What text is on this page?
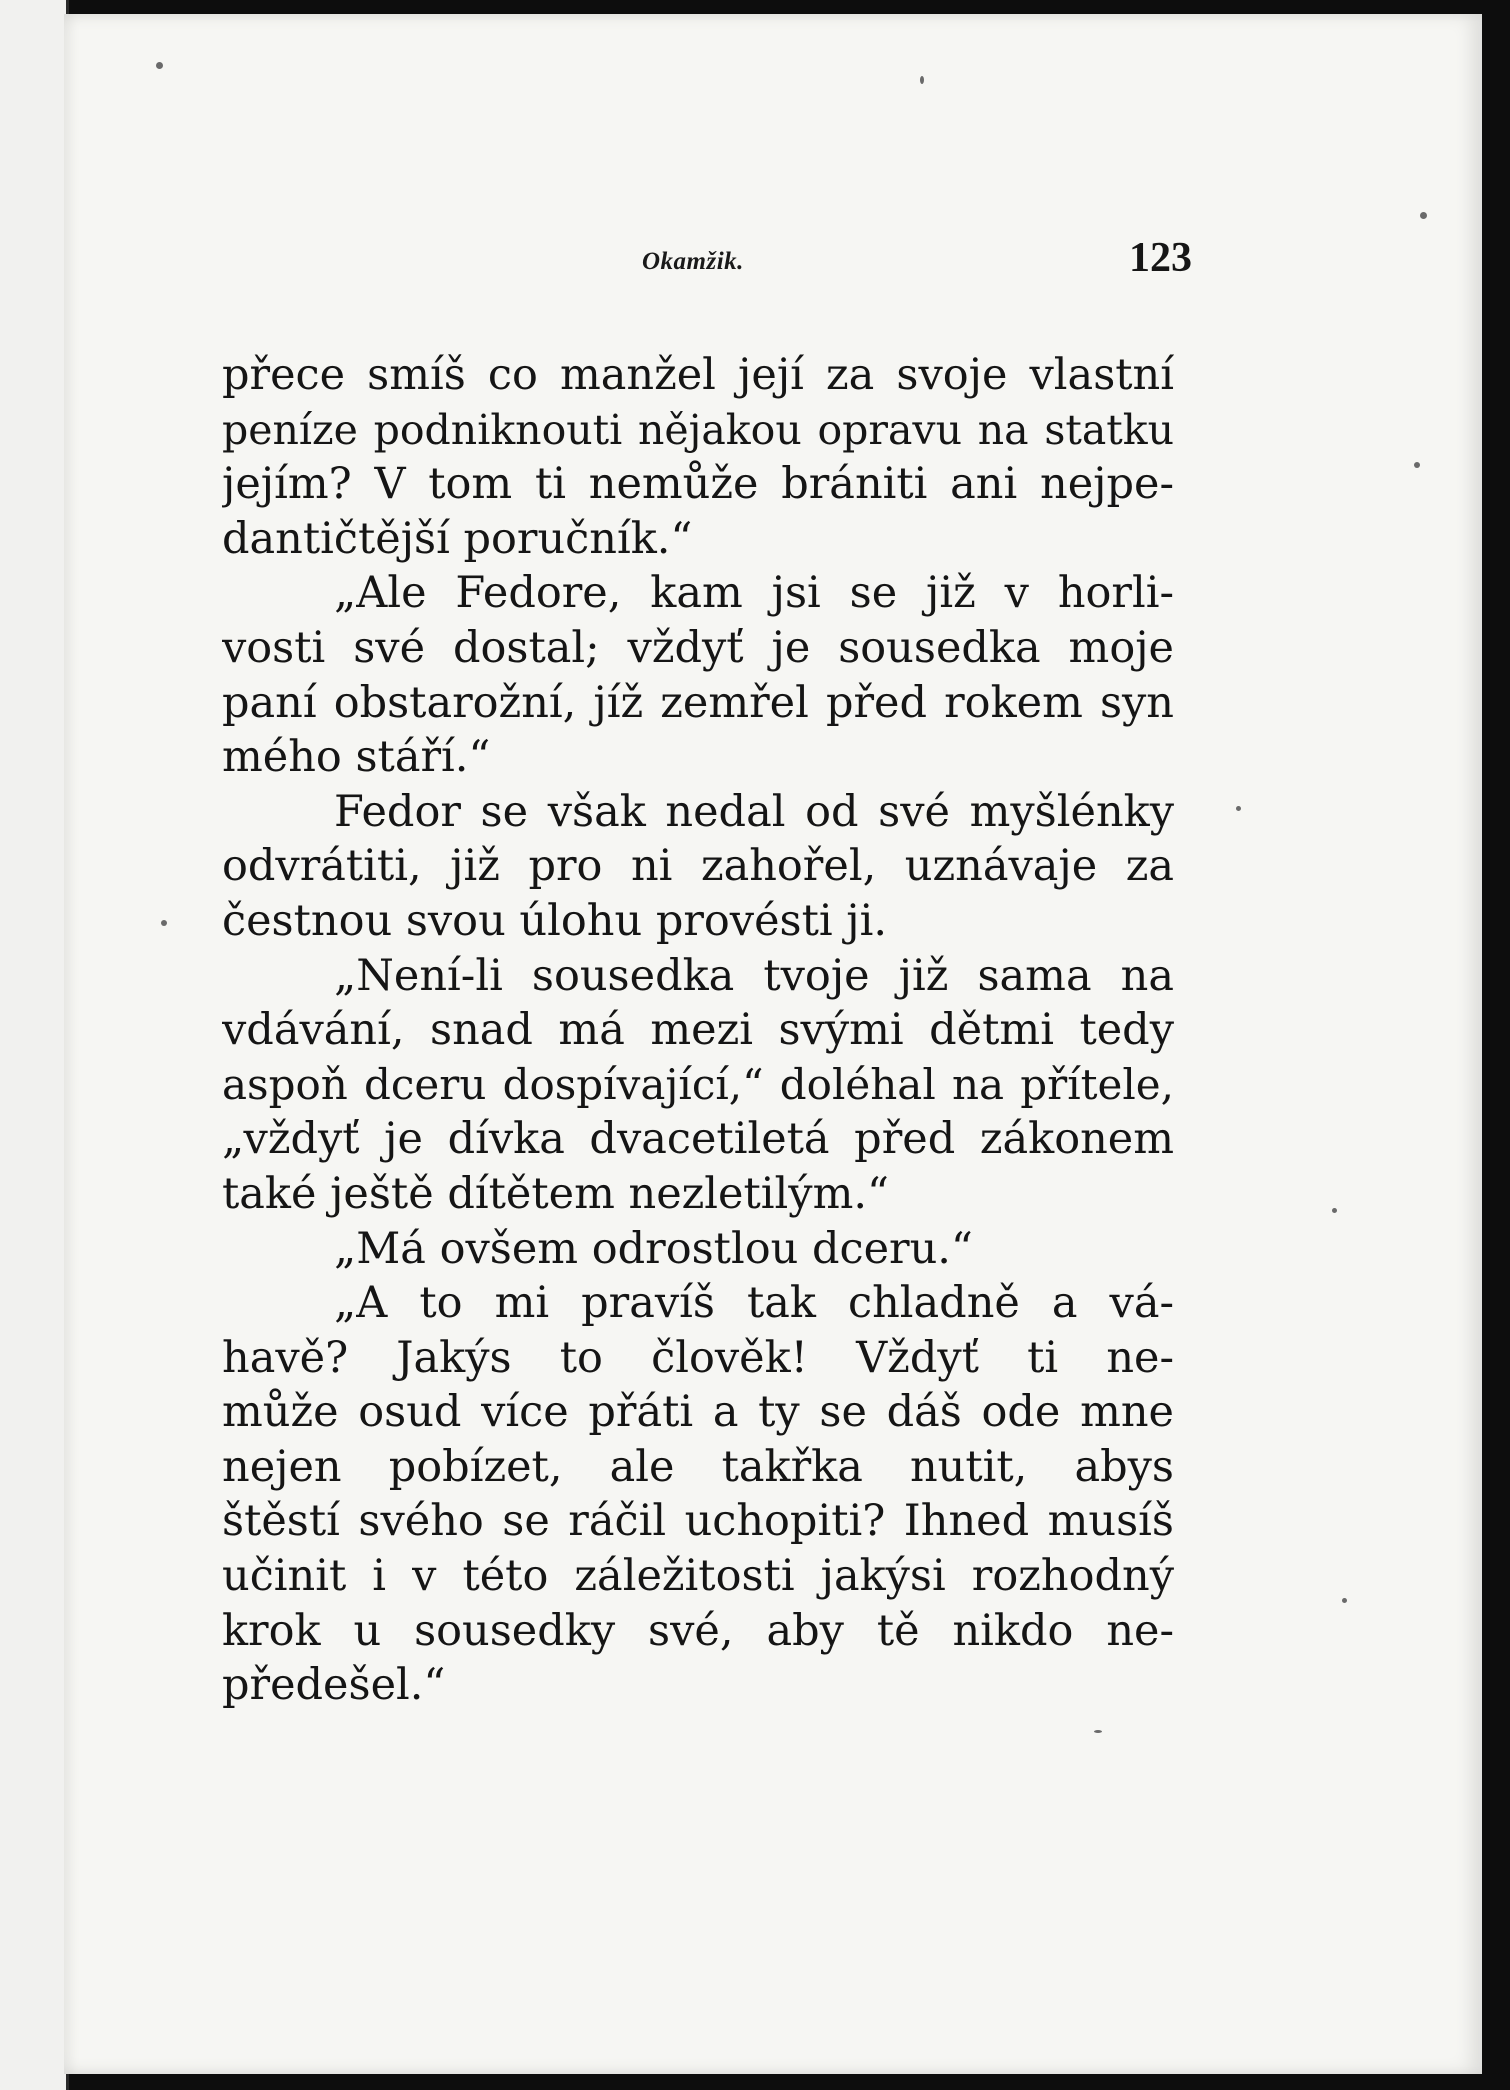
Okamžik.	123
přece smíš co manžel její za svoje vlastní
peníze podniknouti nějakou opravu na statku
jejím? V tom ti nemůže brániti ani nejpe-
dantičtější poručník.“
„Ale Fedore, kam jsi se již v horli-
vosti své dostal; vždyť je sousedka moje
paní obstarožní, jíž zemřel před rokem syn
mého stáří.“
Fedor se však nedal od své myšlénky
odvrátiti, již pro ni zahořel, uznávaje za
čestnou svou úlohu provésti ji.
„Není-li sousedka tvoje již sama na
vdávání, snad má mezi svými dětmi tedy
aspoň dceru dospívající,“ doléhal na přítele,
„vždyť je dívka dvacetiletá před zákonem
také ještě dítětem nezletilým.“
„Má ovšem odrostlou dceru.“
„A to mi pravíš tak chladně a vá-
havě? Jakýs to člověk! Vždyť ti ne-
může osud více přáti a ty se dáš ode mne
nejen pobízet, ale takřka nutit, abys
štěstí svého se ráčil uchopiti? Ihned musíš
učinit i v této záležitosti jakýsi rozhodný
krok u sousedky své, aby tě nikdo ne-
předešel.“
